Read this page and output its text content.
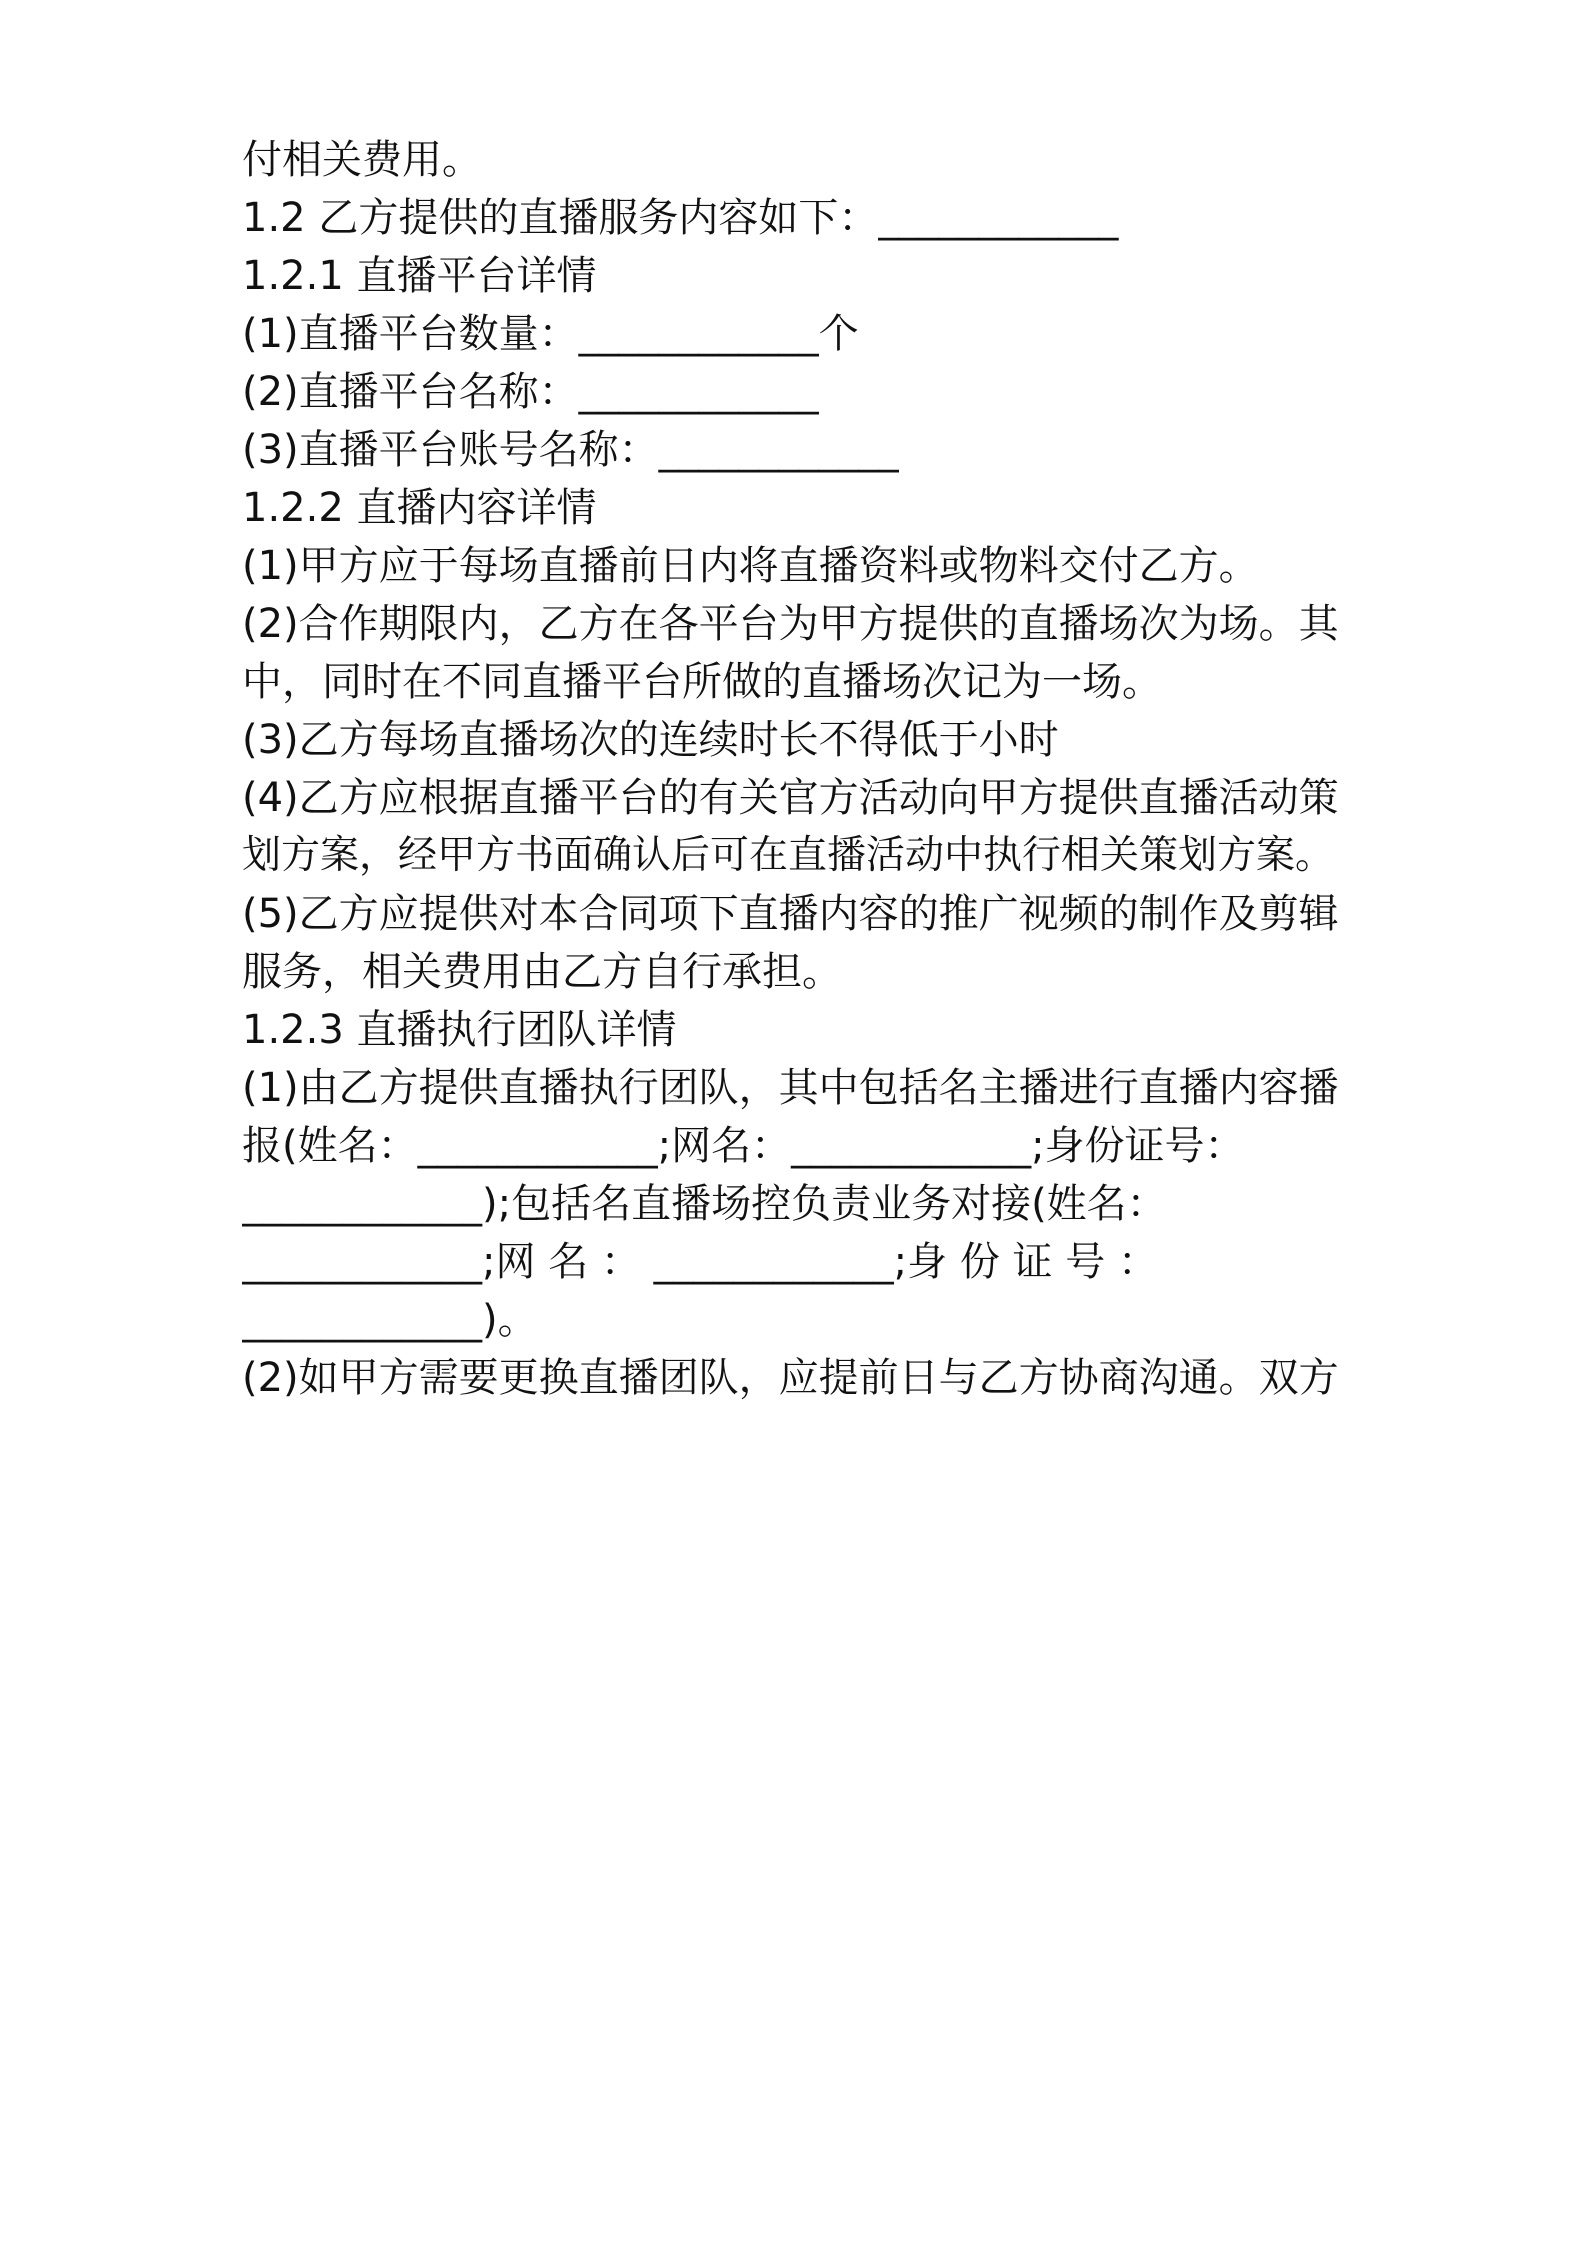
付相关费用。
1.2 乙方提供的直播服务内容如下：____________
1.2.1 直播平台详情
(1)直播平台数量：____________个
(2)直播平台名称：____________
(3)直播平台账号名称：____________
1.2.2 直播内容详情
(1)甲方应于每场直播前日内将直播资料或物料交付乙方。
(2)合作期限内，乙方在各平台为甲方提供的直播场次为场。其
中，同时在不同直播平台所做的直播场次记为一场。
(3)乙方每场直播场次的连续时长不得低于小时
(4)乙方应根据直播平台的有关官方活动向甲方提供直播活动策
划方案，经甲方书面确认后可在直播活动中执行相关策划方案。
(5)乙方应提供对本合同项下直播内容的推广视频的制作及剪辑
服务，相关费用由乙方自行承担。
1.2.3 直播执行团队详情
(1)由乙方提供直播执行团队，其中包括名主播进行直播内容播
报(姓名：____________;网名：____________;身份证号：
____________);包括名直播场控负责业务对接(姓名：
____________;网 名 ： ____________;身 份 证 号 ：
____________)。
(2)如甲方需要更换直播团队，应提前日与乙方协商沟通。双方
